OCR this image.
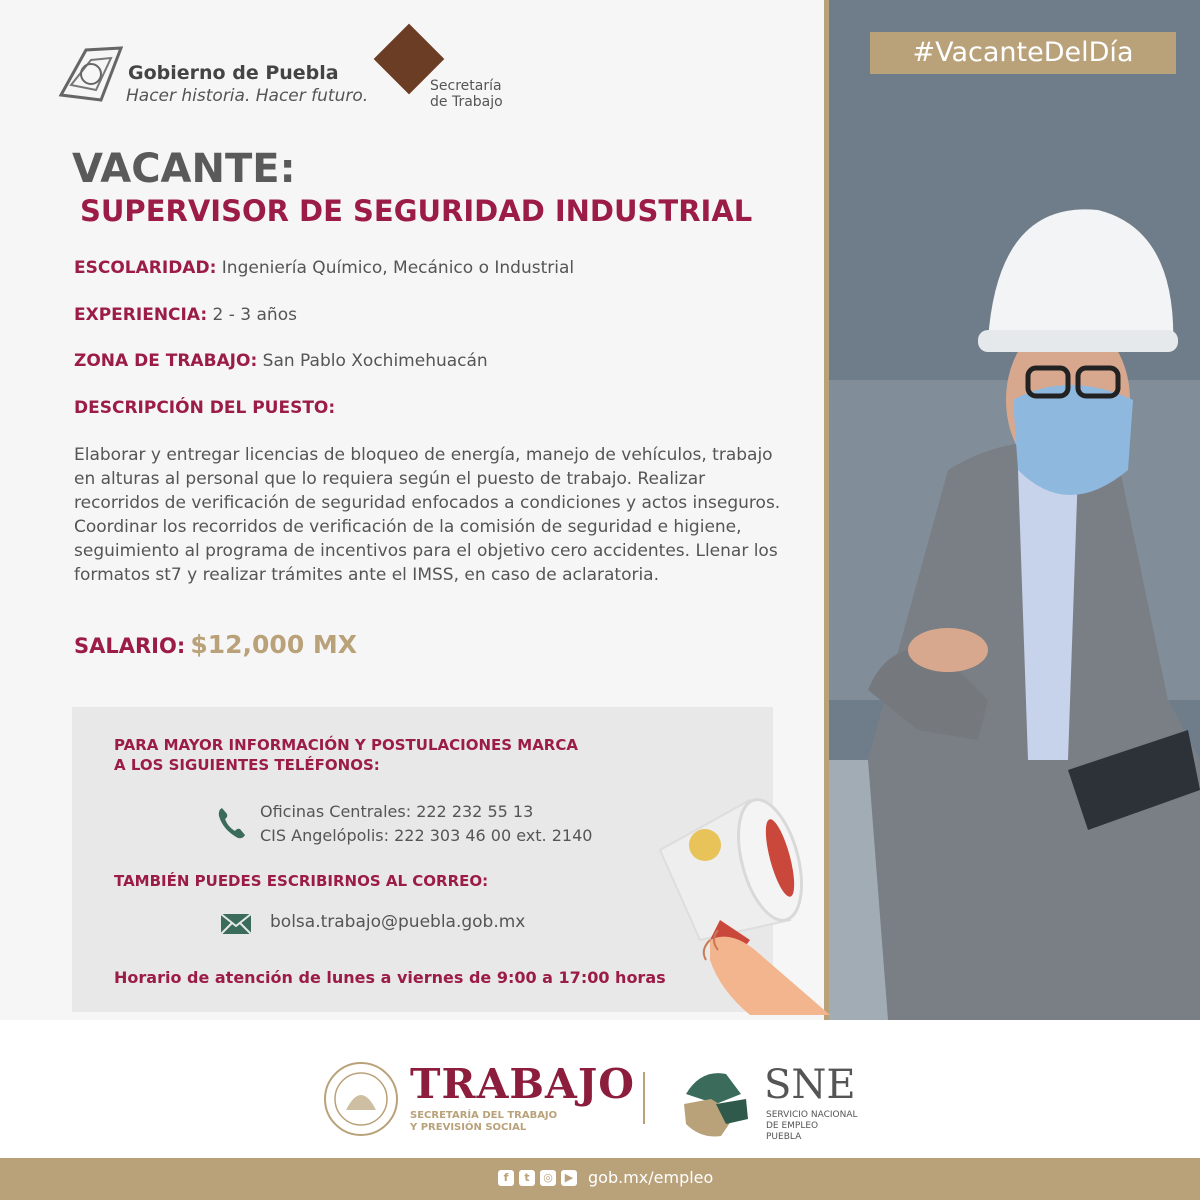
#VacanteDelDía
Gobierno de Puebla
Hacer historia. Hacer futuro.	Secretaría
de Trabajo
VACANTE:
SUPERVISOR DE SEGURIDAD INDUSTRIAL
ESCOLARIDAD: Ingeniería Químico, Mecánico o Industrial
EXPERIENCIA: 2 - 3 años
ZONA DE TRABAJO: San Pablo Xochimehuacán
DESCRIPCIÓN DEL PUESTO:
Elaborar y entregar licencias de bloqueo de energía, manejo de vehículos, trabajo en alturas al personal que lo requiera según el puesto de trabajo. Realizar recorridos de verificación de seguridad enfocados a condiciones y actos inseguros. Coordinar los recorridos de verificación de la comisión de seguridad e higiene, seguimiento al programa de incentivos para el objetivo cero accidentes. Llenar los formatos st7 y realizar trámites ante el IMSS, en caso de aclaratoria.
SALARIO: $12,000 MX
PARA MAYOR INFORMACIÓN Y POSTULACIONES MARCA
A LOS SIGUIENTES TELÉFONOS:
Oficinas Centrales: 222 232 55 13
CIS Angelópolis: 222 303 46 00 ext. 2140
TAMBIÉN PUEDES ESCRIBIRNOS AL CORREO:
bolsa.trabajo@puebla.gob.mx
Horario de atención de lunes a viernes de 9:00 a 17:00 horas
TRABAJO
SECRETARÍA DEL TRABAJO
Y PREVISIÓN SOCIAL
SNE
SERVICIO NACIONAL
DE EMPLEO
PUEBLA
f	t	◎	▶ gob.mx/empleo
